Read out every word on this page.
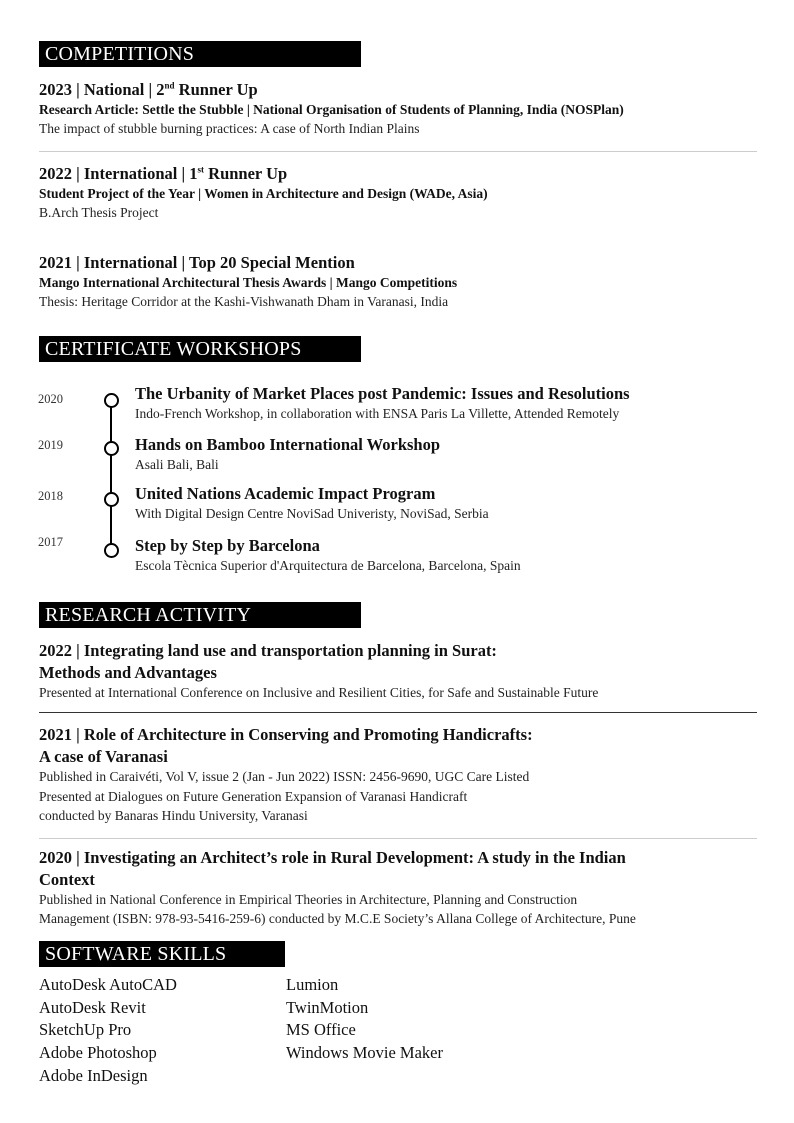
COMPETITIONS
2023 | National | 2nd Runner Up
Research Article: Settle the Stubble | National Organisation of Students of Planning, India (NOSPlan)
The impact of stubble burning practices: A case of North Indian Plains
2022 | International | 1st Runner Up
Student Project of the Year | Women in Architecture and Design (WADe, Asia)
B.Arch Thesis Project
2021 | International | Top 20 Special Mention
Mango International Architectural Thesis Awards | Mango Competitions
Thesis: Heritage Corridor at the Kashi-Vishwanath Dham in Varanasi, India
CERTIFICATE WORKSHOPS
2020	The Urbanity of Market Places post Pandemic: Issues and Resolutions
Indo-French Workshop, in collaboration with ENSA Paris La Villette, Attended Remotely
2019	Hands on Bamboo International Workshop
Asali Bali, Bali
2018	United Nations Academic Impact Program
With Digital Design Centre NoviSad Univeristy, NoviSad, Serbia
2017	Step by Step by Barcelona
Escola Tècnica Superior d'Arquitectura de Barcelona, Barcelona, Spain
RESEARCH ACTIVITY
2022 | Integrating land use and transportation planning in Surat:
Methods and Advantages
Presented at International Conference on Inclusive and Resilient Cities, for Safe and Sustainable Future
2021 | Role of Architecture in Conserving and Promoting Handicrafts:
A case of Varanasi
Published in Caraivéti, Vol V, issue 2 (Jan - Jun 2022) ISSN: 2456-9690, UGC Care Listed
Presented at Dialogues on Future Generation Expansion of Varanasi Handicraft
conducted by Banaras Hindu University, Varanasi
2020 | Investigating an Architect’s role in Rural Development: A study in the Indian
Context
Published in National Conference in Empirical Theories in Architecture, Planning and Construction
Management (ISBN: 978-93-5416-259-6) conducted by M.C.E Society’s Allana College of Architecture, Pune
SOFTWARE SKILLS
AutoDesk AutoCAD
AutoDesk Revit
SketchUp Pro
Adobe Photoshop
Adobe InDesign
Lumion
TwinMotion
MS Office
Windows Movie Maker
